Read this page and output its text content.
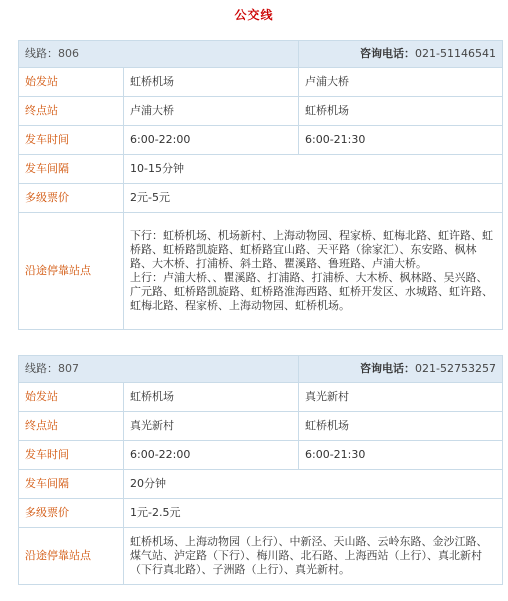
公交线
线路：806		咨询电话：021-51146541
始发站	虹桥机场	卢浦大桥
终点站	卢浦大桥	虹桥机场
发车时间	6:00-22:00	6:00-21:30
发车间隔	10-15分钟	
多级票价	2元-5元	
沿途停靠站点	下行：虹桥机场、机场新村、上海动物园、程家桥、虹梅北路、虹许路、虹桥路、虹桥路凯旋路、虹桥路宜山路、天平路（徐家汇）、东安路、枫林路、大木桥、打浦桥、斜土路、瞿溪路、鲁班路、卢浦大桥。
上行：卢浦大桥、、瞿溪路、打浦路、打浦桥、大木桥、枫林路、吴兴路、广元路、虹桥路凯旋路、虹桥路淮海西路、虹桥开发区、水城路、虹许路、虹梅北路、程家桥、上海动物园、虹桥机场。	
线路：807		咨询电话：021-52753257
始发站	虹桥机场	真光新村
终点站	真光新村	虹桥机场
发车时间	6:00-22:00	6:00-21:30
发车间隔	20分钟	
多级票价	1元-2.5元	
沿途停靠站点	虹桥机场、上海动物园（上行）、中新泾、天山路、云岭东路、金沙江路、煤气站、泸定路（下行）、梅川路、北石路、上海西站（上行）、真北新村（下行真北路）、子洲路（上行）、真光新村。	
